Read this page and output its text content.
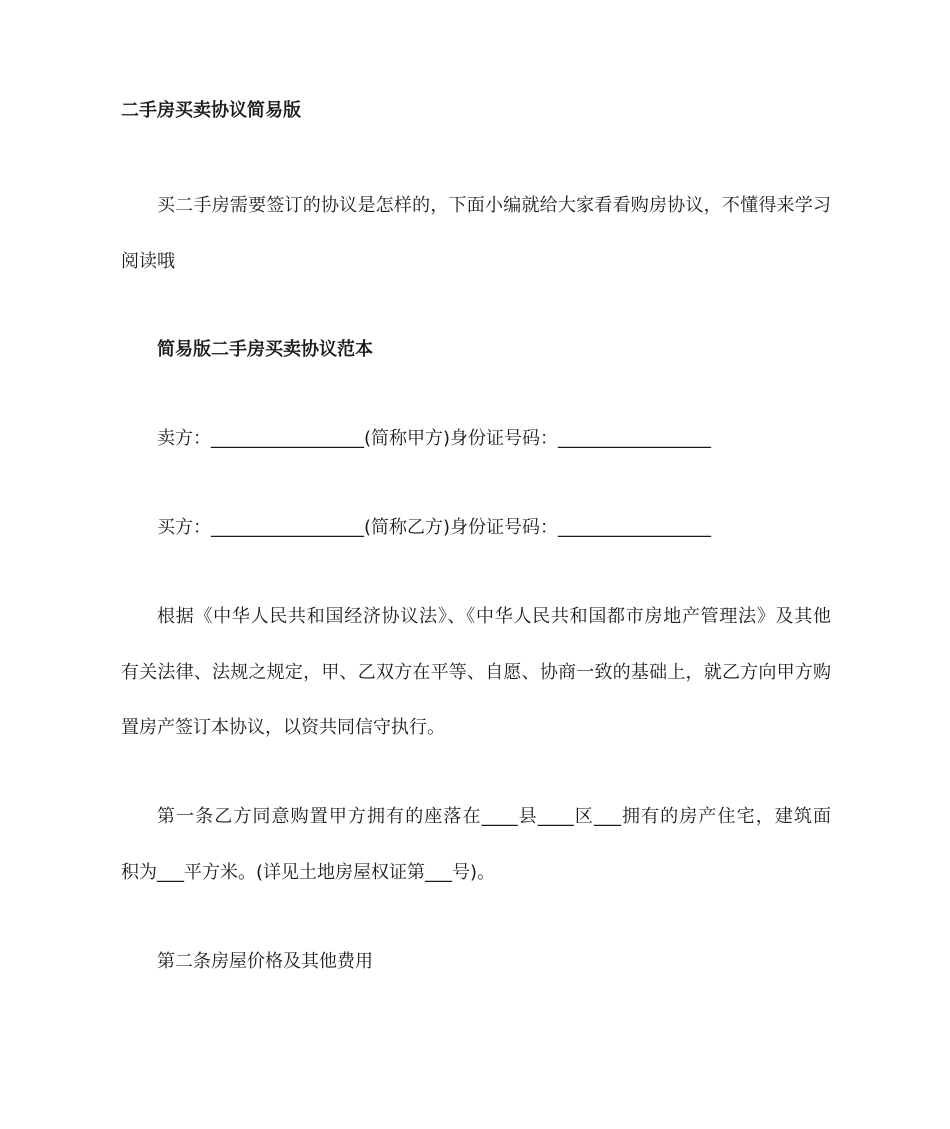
二手房买卖协议简易版
买二手房需要签订的协议是怎样的，下面小编就给大家看看购房协议，不懂得来学习
阅读哦
简易版二手房买卖协议范本
卖方：_________________(简称甲方)身份证号码：_________________
买方：_________________(简称乙方)身份证号码：_________________
根据《中华人民共和国经济协议法》、《中华人民共和国都市房地产管理法》及其他
有关法律、法规之规定，甲、乙双方在平等、自愿、协商一致的基础上，就乙方向甲方购
置房产签订本协议，以资共同信守执行。
第一条乙方同意购置甲方拥有的座落在____县____区___拥有的房产住宅，建筑面
积为___平方米。(详见土地房屋权证第___号)。
第二条房屋价格及其他费用
